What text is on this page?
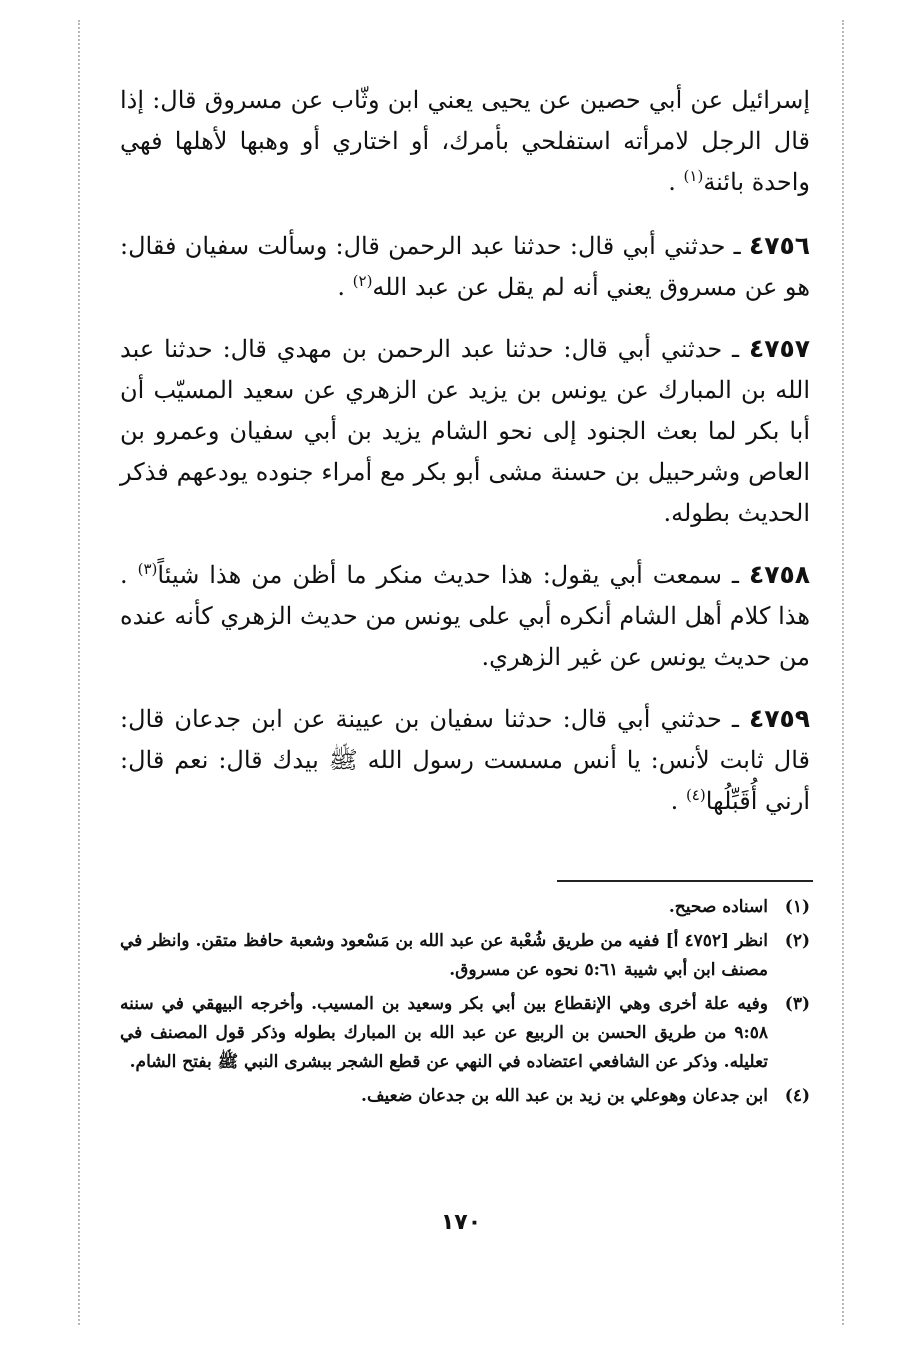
إسرائيل عن أبي حصين عن يحيى يعني ابن وثّاب عن مسروق قال: إذا قال الرجل لامرأته استفلحي بأمرك، أو اختاري أو وهبها لأهلها فهي واحدة بائنة$^{(١)}$ .

٤٧٥٦ ـ حدثني أبي قال: حدثنا عبد الرحمن قال: وسألت سفيان فقال: هو عن مسروق يعني أنه لم يقل عن عبد الله$^{(٢)}$ .

٤٧٥٧ ـ حدثني أبي قال: حدثنا عبد الرحمن بن مهدي قال: حدثنا عبد الله بن المبارك عن يونس بن يزيد عن الزهري عن سعيد المسيّب أن أبا بكر لما بعث الجنود إلى نحو الشام يزيد بن أبي سفيان وعمرو بن العاص وشرحبيل بن حسنة مشى أبو بكر مع أمراء جنوده يودعهم فذكر الحديث بطوله.

٤٧٥٨ ـ سمعت أبي يقول: هذا حديث منكر ما أظن من هذا شيئاً$^{(٣)}$ . هذا كلام أهل الشام أنكره أبي على يونس من حديث الزهري كأنه عنده من حديث يونس عن غير الزهري.

٤٧٥٩ ـ حدثني أبي قال: حدثنا سفيان بن عيينة عن ابن جدعان قال: قال ثابت لأنس: يا أنس مسست رسول الله ﷺ بيدك قال: نعم قال: أرني أُقَبِّلُها$^{(٤)}$ .

(١)
اسناده صحيح.
(٢)
انظر [٤٧٥٢ أ] ففيه من طريق شُعْبة عن عبد الله بن مَسْعود وشعبة حافظ متقن. وانظر في مصنف ابن أبي شيبة ٥:٦١ نحوه عن مسروق.
(٣)
وفيه علة أخرى وهي الإنقطاع بين أبي بكر وسعيد بن المسيب. وأخرجه البيهقي في سننه ٩:٥٨ من طريق الحسن بن الربيع عن عبد الله بن المبارك بطوله وذكر قول المصنف في تعليله. وذكر عن الشافعي اعتضاده في النهي عن قطع الشجر ببشرى النبي ﷺ بفتح الشام.
(٤)
ابن جدعان وهوعلي بن زيد بن عبد الله بن جدعان ضعيف.
١٧٠
